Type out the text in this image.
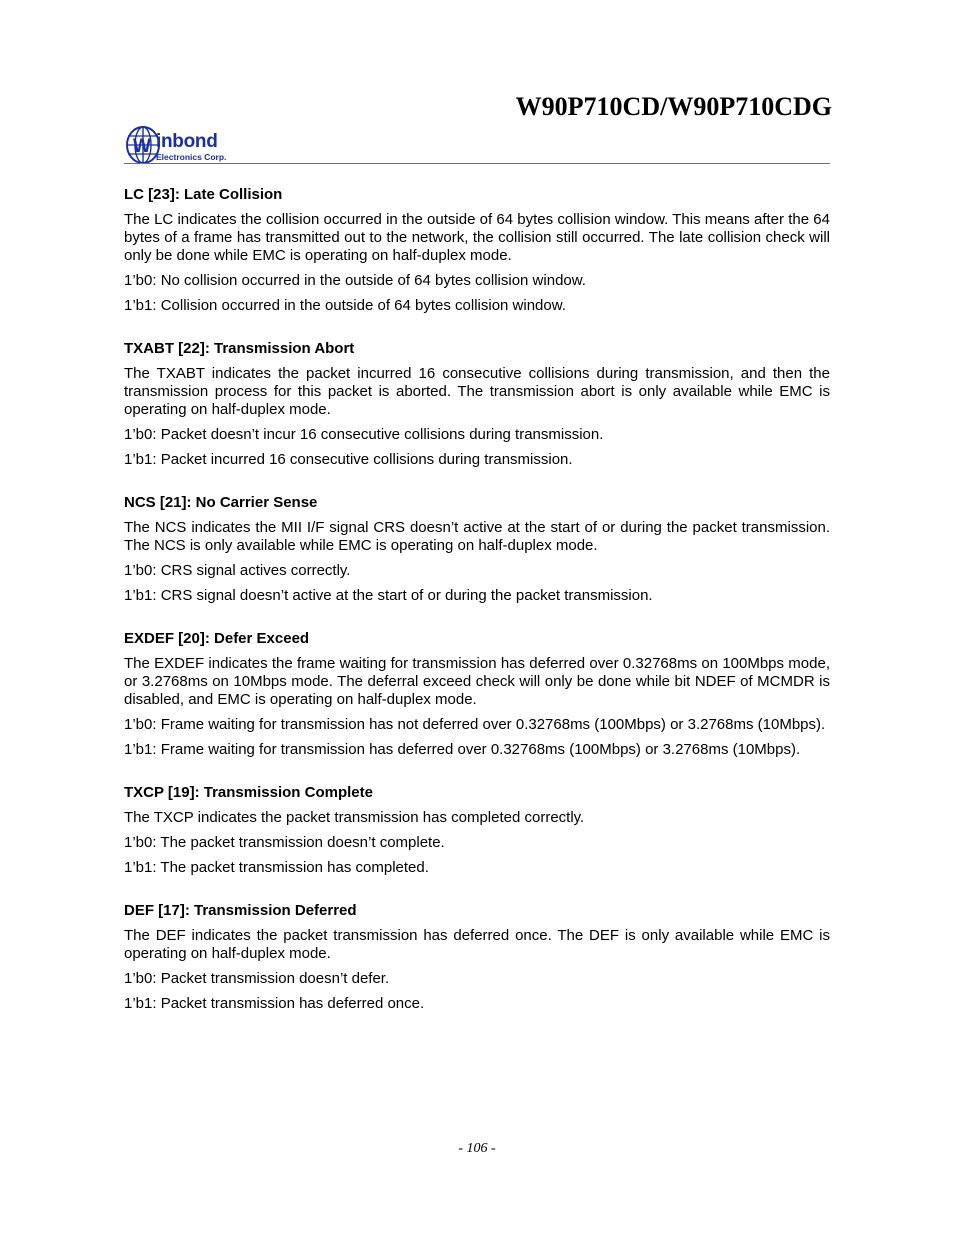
W90P710CD/W90P710CDG
W inbond
Electronics Corp.

LC [23]: Late Collision

The LC indicates the collision occurred in the outside of 64 bytes collision window. This means after the 64 bytes of a frame has transmitted out to the network, the collision still occurred. The late collision check will only be done while EMC is operating on half-duplex mode.

1’b0: No collision occurred in the outside of 64 bytes collision window.

1’b1: Collision occurred in the outside of 64 bytes collision window.

TXABT [22]: Transmission Abort

The TXABT indicates the packet incurred 16 consecutive collisions during transmission, and then the transmission process for this packet is aborted. The transmission abort is only available while EMC is operating on half-duplex mode.

1’b0: Packet doesn’t incur 16 consecutive collisions during transmission.

1’b1: Packet incurred 16 consecutive collisions during transmission.

NCS [21]: No Carrier Sense

The NCS indicates the MII I/F signal CRS doesn’t active at the start of or during the packet transmission. The NCS is only available while EMC is operating on half-duplex mode.

1’b0: CRS signal actives correctly.

1’b1: CRS signal doesn’t active at the start of or during the packet transmission.

EXDEF [20]: Defer Exceed

The EXDEF indicates the frame waiting for transmission has deferred over 0.32768ms on 100Mbps mode, or 3.2768ms on 10Mbps mode. The deferral exceed check will only be done while bit NDEF of MCMDR is disabled, and EMC is operating on half-duplex mode.

1’b0: Frame waiting for transmission has not deferred over 0.32768ms (100Mbps) or 3.2768ms (10Mbps).

1’b1: Frame waiting for transmission has deferred over 0.32768ms (100Mbps) or 3.2768ms (10Mbps).

TXCP [19]: Transmission Complete

The TXCP indicates the packet transmission has completed correctly.

1’b0: The packet transmission doesn’t complete.

1’b1: The packet transmission has completed.

DEF [17]: Transmission Deferred

The DEF indicates the packet transmission has deferred once. The DEF is only available while EMC is operating on half-duplex mode.

1’b0: Packet transmission doesn’t defer.

1’b1: Packet transmission has deferred once.

- 106 -
